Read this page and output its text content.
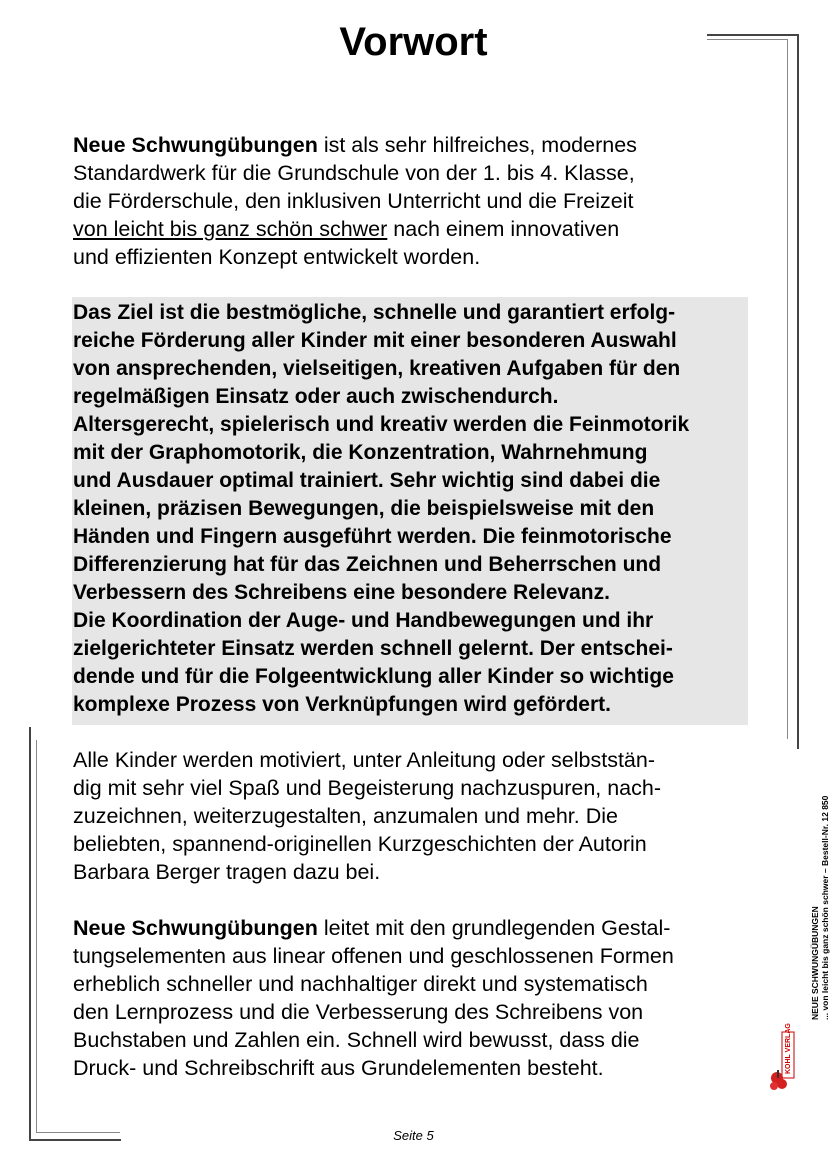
Vorwort
Neue Schwungübungen ist als sehr hilfreiches, modernes
Standardwerk für die Grundschule von der 1. bis 4. Klasse,
die Förderschule, den inklusiven Unterricht und die Freizeit
von leicht bis ganz schön schwer nach einem innovativen
und effizienten Konzept entwickelt worden.
Das Ziel ist die bestmögliche, schnelle und garantiert erfolg-
reiche Förderung aller Kinder mit einer besonderen Auswahl
von ansprechenden, vielseitigen, kreativen Aufgaben für den
regelmäßigen Einsatz oder auch zwischendurch.
Altersgerecht, spielerisch und kreativ werden die Feinmotorik
mit der Graphomotorik, die Konzentration, Wahrnehmung
und Ausdauer optimal trainiert. Sehr wichtig sind dabei die
kleinen, präzisen Bewegungen, die beispielsweise mit den
Händen und Fingern ausgeführt werden. Die feinmotorische
Differenzierung hat für das Zeichnen und Beherrschen und
Verbessern des Schreibens eine besondere Relevanz.
Die Koordination der Auge- und Handbewegungen und ihr
zielgerichteter Einsatz werden schnell gelernt. Der entschei-
dende und für die Folgeentwicklung aller Kinder so wichtige
komplexe Prozess von Verknüpfungen wird gefördert.
Alle Kinder werden motiviert, unter Anleitung oder selbststän-
dig mit sehr viel Spaß und Begeisterung nachzuspuren, nach-
zuzeichnen, weiterzugestalten, anzumalen und mehr. Die
beliebten, spannend-originellen Kurzgeschichten der Autorin
Barbara Berger tragen dazu bei.
Neue Schwungübungen leitet mit den grundlegenden Gestal-
tungselementen aus linear offenen und geschlossenen Formen
erheblich schneller und nachhaltiger direkt und systematisch
den Lernprozess und die Verbesserung des Schreibens von
Buchstaben und Zahlen ein. Schnell wird bewusst, dass die
Druck- und Schreibschrift aus Grundelementen besteht.
NEUE SCHWUNGÜBUNGEN ... von leicht bis ganz schön schwer – Bestell-Nr. 12 850
KOHL VERLAG
Seite 5
